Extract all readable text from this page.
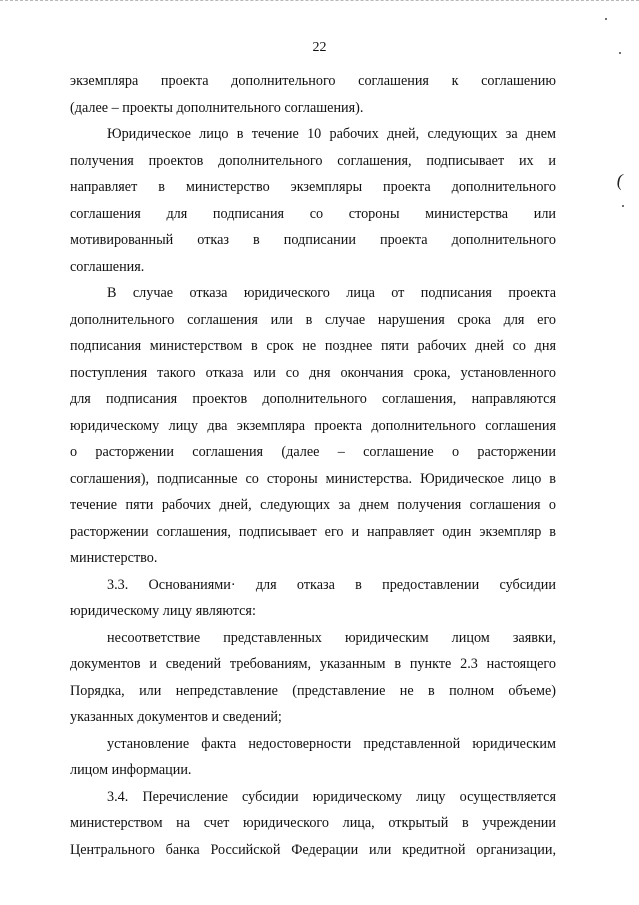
22
экземпляра проекта дополнительного соглашения к соглашению
(далее – проекты дополнительного соглашения).
Юридическое лицо в течение 10 рабочих дней, следующих за днем
получения проектов дополнительного соглашения, подписывает их и
направляет в министерство экземпляры проекта дополнительного
соглашения для подписания со стороны министерства или
мотивированный отказ в подписании проекта дополнительного
соглашения.
В случае отказа юридического лица от подписания проекта
дополнительного соглашения или в случае нарушения срока для его
подписания министерством в срок не позднее пяти рабочих дней со дня
поступления такого отказа или со дня окончания срока, установленного
для подписания проектов дополнительного соглашения, направляются
юридическому лицу два экземпляра проекта дополнительного соглашения
о расторжении соглашения (далее – соглашение о расторжении
соглашения), подписанные со стороны министерства. Юридическое лицо в
течение пяти рабочих дней, следующих за днем получения соглашения о
расторжении соглашения, подписывает его и направляет один экземпляр в
министерство.
3.3. Основаниями· для отказа в предоставлении субсидии
юридическому лицу являются:
несоответствие представленных юридическим лицом заявки,
документов и сведений требованиям, указанным в пункте 2.3 настоящего
Порядка, или непредставление (представление не в полном объеме)
указанных документов и сведений;
установление факта недостоверности представленной юридическим
лицом информации.
3.4. Перечисление субсидии юридическому лицу осуществляется
министерством на счет юридического лица, открытый в учреждении
Центрального банка Российской Федерации или кредитной организации,
(
